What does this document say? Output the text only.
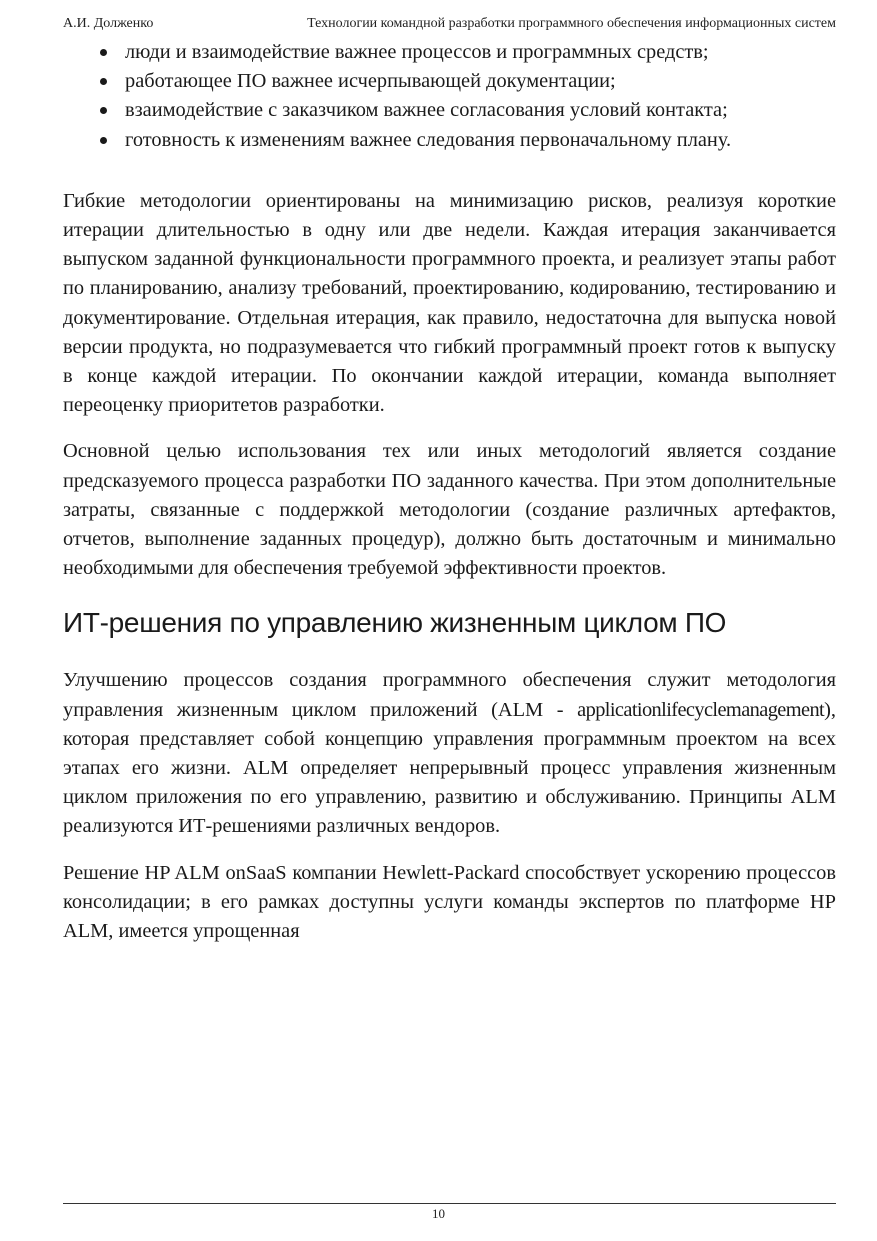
А.И. Долженко	Технологии командной разработки программного обеспечения информационных систем
люди и взаимодействие важнее процессов и программных средств;
работающее ПО важнее исчерпывающей документации;
взаимодействие с заказчиком важнее согласования условий контакта;
готовность к изменениям важнее следования первоначальному плану.

Гибкие методологии ориентированы на минимизацию рисков, реализуя короткие итерации длительностью в одну или две недели. Каждая итерация заканчивается выпуском заданной функциональности программного проекта, и реализует этапы работ по планированию, анализу требований, проектированию, кодированию, тестированию и документирование. Отдельная итерация, как правило, недостаточна для выпуска новой версии продукта, но подразумевается что гибкий программный проект готов к выпуску в конце каждой итерации. По окончании каждой итерации, команда выполняет переоценку приоритетов разработки.

Основной целью использования тех или иных методологий является создание предсказуемого процесса разработки ПО заданного качества. При этом дополнительные затраты, связанные с поддержкой методологии (создание различных артефактов, отчетов, выполнение заданных процедур), должно быть достаточным и минимально необходимыми для обеспечения требуемой эффективности проектов.

ИТ-решения по управлению жизненным циклом ПО

Улучшению процессов создания программного обеспечения служит методология управления жизненным циклом приложений (ALM - applicationlifecyclemanagement), которая представляет собой концепцию управления программным проектом на всех этапах его жизни. ALM определяет непрерывный процесс управления жизненным циклом приложения по его управлению, развитию и обслуживанию. Принципы ALM реализуются ИТ-решениями различных вендоров.

Решение HP ALM onSaaS компании Hewlett-Packard способствует ускорению процессов консолидации; в его рамках доступны услуги команды экспертов по платформе HP ALM, имеется упрощенная

10
